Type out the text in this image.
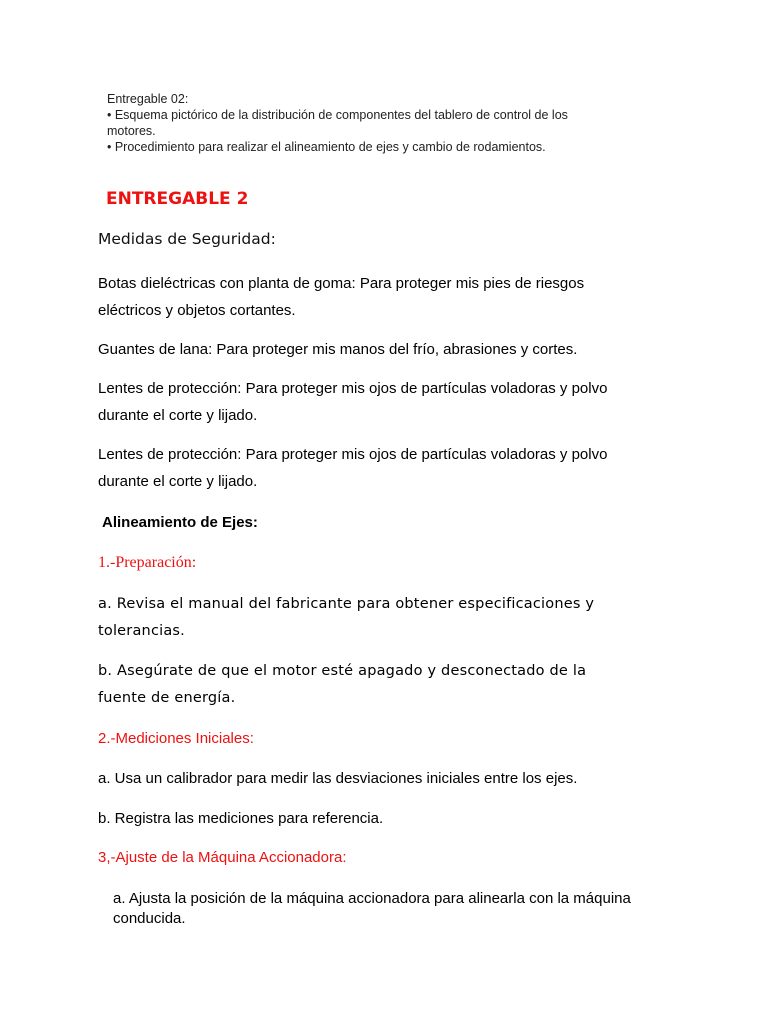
Entregable 02:
• Esquema pictórico de la distribución de componentes del tablero de control de los motores.
• Procedimiento para realizar el alineamiento de ejes y cambio de rodamientos.
ENTREGABLE 2
Medidas de Seguridad:
Botas dieléctricas con planta de goma: Para proteger mis pies de riesgos eléctricos y objetos cortantes.
Guantes de lana: Para proteger mis manos del frío, abrasiones y cortes.
Lentes de protección: Para proteger mis ojos de partículas voladoras y polvo durante el corte y lijado.
Lentes de protección: Para proteger mis ojos de partículas voladoras y polvo durante el corte y lijado.
Alineamiento de Ejes:
1.-Preparación:
a. Revisa el manual del fabricante para obtener especificaciones y tolerancias.
b. Asegúrate de que el motor esté apagado y desconectado de la fuente de energía.
2.-Mediciones Iniciales:
a. Usa un calibrador para medir las desviaciones iniciales entre los ejes.
b. Registra las mediciones para referencia.
3,-Ajuste de la Máquina Accionadora:
a. Ajusta la posición de la máquina accionadora para alinearla con la máquina conducida.
